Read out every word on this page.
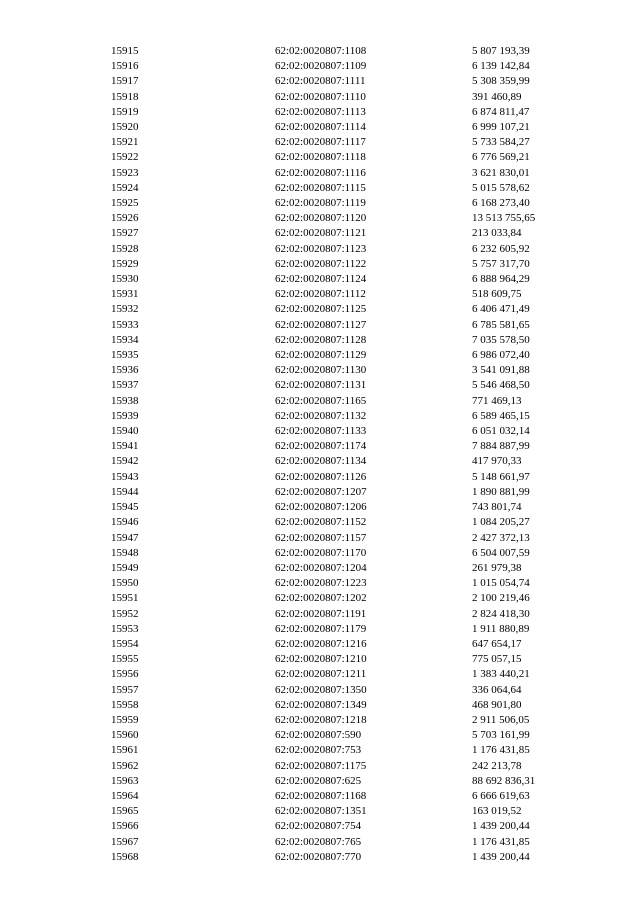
15915	62:02:0020807:1108	5 807 193,39
15916	62:02:0020807:1109	6 139 142,84
15917	62:02:0020807:1111	5 308 359,99
15918	62:02:0020807:1110	391 460,89
15919	62:02:0020807:1113	6 874 811,47
15920	62:02:0020807:1114	6 999 107,21
15921	62:02:0020807:1117	5 733 584,27
15922	62:02:0020807:1118	6 776 569,21
15923	62:02:0020807:1116	3 621 830,01
15924	62:02:0020807:1115	5 015 578,62
15925	62:02:0020807:1119	6 168 273,40
15926	62:02:0020807:1120	13 513 755,65
15927	62:02:0020807:1121	213 033,84
15928	62:02:0020807:1123	6 232 605,92
15929	62:02:0020807:1122	5 757 317,70
15930	62:02:0020807:1124	6 888 964,29
15931	62:02:0020807:1112	518 609,75
15932	62:02:0020807:1125	6 406 471,49
15933	62:02:0020807:1127	6 785 581,65
15934	62:02:0020807:1128	7 035 578,50
15935	62:02:0020807:1129	6 986 072,40
15936	62:02:0020807:1130	3 541 091,88
15937	62:02:0020807:1131	5 546 468,50
15938	62:02:0020807:1165	771 469,13
15939	62:02:0020807:1132	6 589 465,15
15940	62:02:0020807:1133	6 051 032,14
15941	62:02:0020807:1174	7 884 887,99
15942	62:02:0020807:1134	417 970,33
15943	62:02:0020807:1126	5 148 661,97
15944	62:02:0020807:1207	1 890 881,99
15945	62:02:0020807:1206	743 801,74
15946	62:02:0020807:1152	1 084 205,27
15947	62:02:0020807:1157	2 427 372,13
15948	62:02:0020807:1170	6 504 007,59
15949	62:02:0020807:1204	261 979,38
15950	62:02:0020807:1223	1 015 054,74
15951	62:02:0020807:1202	2 100 219,46
15952	62:02:0020807:1191	2 824 418,30
15953	62:02:0020807:1179	1 911 880,89
15954	62:02:0020807:1216	647 654,17
15955	62:02:0020807:1210	775 057,15
15956	62:02:0020807:1211	1 383 440,21
15957	62:02:0020807:1350	336 064,64
15958	62:02:0020807:1349	468 901,80
15959	62:02:0020807:1218	2 911 506,05
15960	62:02:0020807:590	5 703 161,99
15961	62:02:0020807:753	1 176 431,85
15962	62:02:0020807:1175	242 213,78
15963	62:02:0020807:625	88 692 836,31
15964	62:02:0020807:1168	6 666 619,63
15965	62:02:0020807:1351	163 019,52
15966	62:02:0020807:754	1 439 200,44
15967	62:02:0020807:765	1 176 431,85
15968	62:02:0020807:770	1 439 200,44
